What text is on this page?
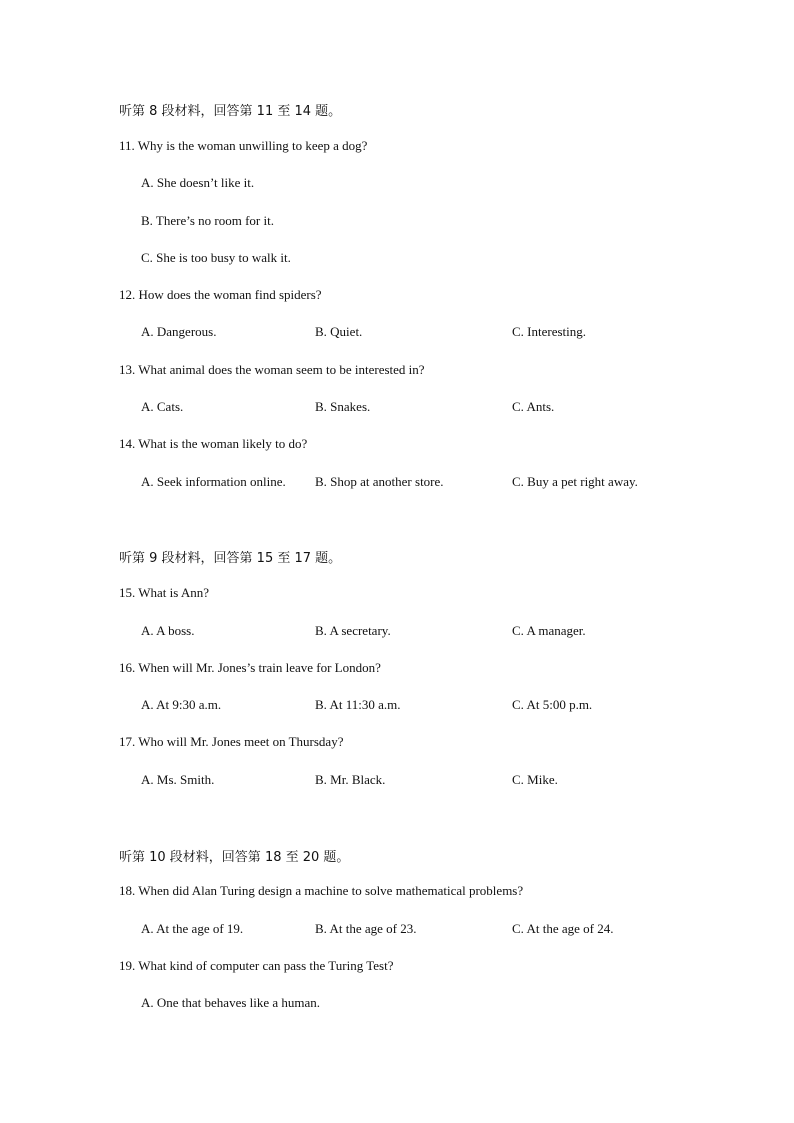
听第 8 段材料，回答第 11 至 14 题。
11. Why is the woman unwilling to keep a dog?
A. She doesn’t like it.
B. There’s no room for it.
C. She is too busy to walk it.
12. How does the woman find spiders?
A. Dangerous.	B. Quiet.	C. Interesting.
13. What animal does the woman seem to be interested in?
A. Cats.	B. Snakes.	C. Ants.
14. What is the woman likely to do?
A. Seek information online. B. Shop at another store.	C. Buy a pet right away.
听第 9 段材料，回答第 15 至 17 题。
15. What is Ann?
A. A boss.	B. A secretary.	C. A manager.
16. When will Mr. Jones’s train leave for London?
A. At 9:30 a.m.	B. At 11:30 a.m.	C. At 5:00 p.m.
17. Who will Mr. Jones meet on Thursday?
A. Ms. Smith.	B. Mr. Black.	C. Mike.
听第 10 段材料，回答第 18 至 20 题。
18. When did Alan Turing design a machine to solve mathematical problems?
A. At the age of 19.	B. At the age of 23.	C. At the age of 24.
19. What kind of computer can pass the Turing Test?
A. One that behaves like a human.
